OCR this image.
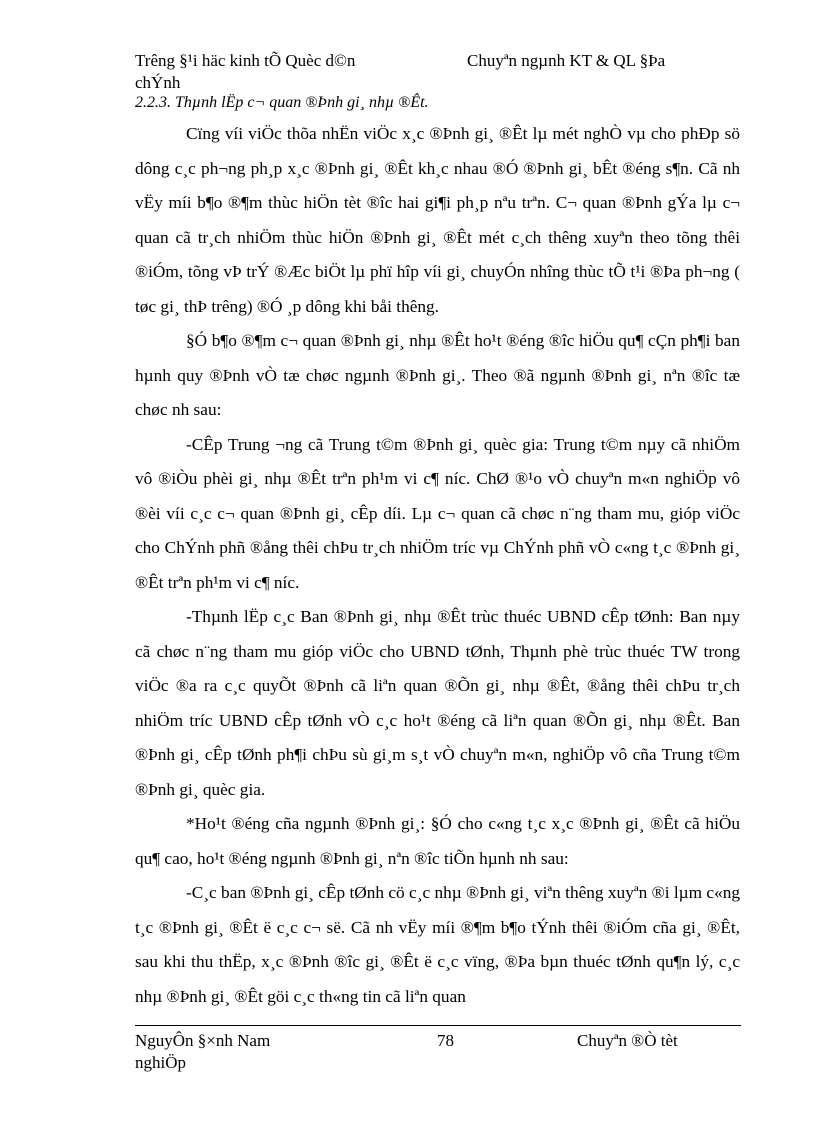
Trêng §¹i häc kinh tÕ Quèc d©n	Chuyªn ngµnh KT & QL §Þa
chÝnh
2.2.3. Thµnh lËp c¬ quan ®Þnh gi¸ nhµ ®Êt.

Cïng víi viÖc thõa nhËn viÖc x¸c ®Þnh gi¸ ®Êt lµ mét nghÒ vµ cho phÐp sö dông c¸c ph¬ng ph¸p x¸c ®Þnh gi¸ ®Êt kh¸c nhau ®Ó ®Þnh gi¸ bÊt ®éng s¶n. Cã nh vËy míi b¶o ®¶m thùc hiÖn tèt ®îc hai gi¶i ph¸p nªu trªn. C¬ quan ®Þnh gÝa lµ c¬ quan cã tr¸ch nhiÖm thùc hiÖn ®Þnh gi¸ ®Êt mét c¸ch thêng xuyªn theo tõng thêi ®iÓm, tõng vÞ trÝ ®Æc biÖt lµ phï hîp víi gi¸ chuyÓn nhîng thùc tÕ t¹i ®Þa ph¬ng ( tøc gi¸ thÞ trêng) ®Ó ¸p dông khi båi thêng.

§Ó b¶o ®¶m c¬ quan ®Þnh gi¸ nhµ ®Êt ho¹t ®éng ®îc hiÖu qu¶ cÇn ph¶i ban hµnh quy ®Þnh vÒ tæ chøc ngµnh ®Þnh gi¸. Theo ®ã ngµnh ®Þnh gi¸ nªn ®îc tæ chøc nh sau:

-CÊp Trung ¬ng cã Trung t©m ®Þnh gi¸ quèc gia: Trung t©m nµy cã nhiÖm vô ®iÒu phèi gi¸ nhµ ®Êt trªn ph¹m vi c¶ níc. ChØ ®¹o vÒ chuyªn m«n nghiÖp vô ®èi víi c¸c c¬ quan ®Þnh gi¸ cÊp díi. Lµ c¬ quan cã chøc n¨ng tham mu, gióp viÖc cho ChÝnh phñ ®ång thêi chÞu tr¸ch nhiÖm tríc vµ ChÝnh phñ vÒ c«ng t¸c ®Þnh gi¸ ®Êt trªn ph¹m vi c¶ níc.

-Thµnh lËp c¸c Ban ®Þnh gi¸ nhµ ®Êt trùc thuéc UBND cÊp tØnh: Ban nµy cã chøc n¨ng tham mu gióp viÖc cho UBND tØnh, Thµnh phè trùc thuéc TW trong viÖc ®a ra c¸c quyÕt ®Þnh cã liªn quan ®Õn gi¸ nhµ ®Êt, ®ång thêi chÞu tr¸ch nhiÖm tríc UBND cÊp tØnh vÒ c¸c ho¹t ®éng cã liªn quan ®Õn gi¸ nhµ ®Êt. Ban ®Þnh gi¸ cÊp tØnh ph¶i chÞu sù gi¸m s¸t vÒ chuyªn m«n, nghiÖp vô cña Trung t©m ®Þnh gi¸ quèc gia.

*Ho¹t ®éng cña ngµnh ®Þnh gi¸: §Ó cho c«ng t¸c x¸c ®Þnh gi¸ ®Êt cã hiÖu qu¶ cao, ho¹t ®éng ngµnh ®Þnh gi¸ nªn ®îc tiÕn hµnh nh sau:

-C¸c ban ®Þnh gi¸ cÊp tØnh cö c¸c nhµ ®Þnh gi¸ viªn thêng xuyªn ®i lµm c«ng t¸c ®Þnh gi¸ ®Êt ë c¸c c¬ së. Cã nh vËy míi ®¶m b¶o tÝnh thêi ®iÓm cña gi¸ ®Êt, sau khi thu thËp, x¸c ®Þnh ®îc gi¸ ®Êt ë c¸c vïng, ®Þa bµn thuéc tØnh qu¶n lý, c¸c nhµ ®Þnh gi¸ ®Êt göi c¸c th«ng tin cã liªn quan

NguyÔn §×nh Nam
nghiÖp
78	Chuyªn ®Ò tèt
